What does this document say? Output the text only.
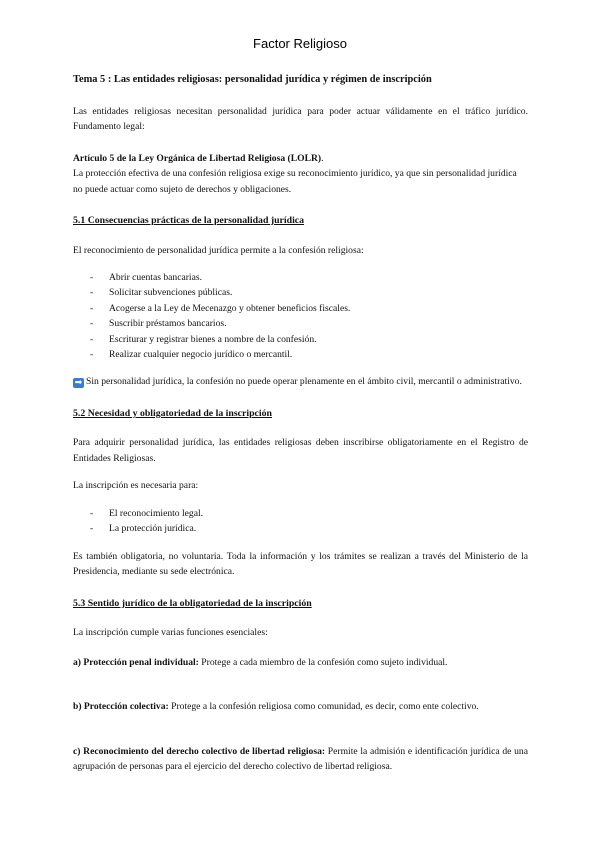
Factor Religioso

Tema 5 : Las entidades religiosas: personalidad jurídica y régimen de inscripción

Las entidades religiosas necesitan personalidad jurídica para poder actuar válidamente en el tráfico jurídico. Fundamento legal:

Artículo 5 de la Ley Orgánica de Libertad Religiosa (LOLR).

La protección efectiva de una confesión religiosa exige su reconocimiento jurídico, ya que sin personalidad jurídica no puede actuar como sujeto de derechos y obligaciones.

5.1 Consecuencias prácticas de la personalidad jurídica

El reconocimiento de personalidad jurídica permite a la confesión religiosa:

- Abrir cuentas bancarias.
- Solicitar subvenciones públicas.
- Acogerse a la Ley de Mecenazgo y obtener beneficios fiscales.
- Suscribir préstamos bancarios.
- Escriturar y registrar bienes a nombre de la confesión.
- Realizar cualquier negocio jurídico o mercantil.

➡ Sin personalidad jurídica, la confesión no puede operar plenamente en el ámbito civil, mercantil o administrativo.

5.2 Necesidad y obligatoriedad de la inscripción

Para adquirir personalidad jurídica, las entidades religiosas deben inscribirse obligatoriamente en el Registro de Entidades Religiosas.

La inscripción es necesaria para:

- El reconocimiento legal.
- La protección jurídica.

Es también obligatoria, no voluntaria. Toda la información y los trámites se realizan a través del Ministerio de la Presidencia, mediante su sede electrónica.

5.3 Sentido jurídico de la obligatoriedad de la inscripción

La inscripción cumple varias funciones esenciales:

a) Protección penal individual: Protege a cada miembro de la confesión como sujeto individual.

b) Protección colectiva: Protege a la confesión religiosa como comunidad, es decir, como ente colectivo.

c) Reconocimiento del derecho colectivo de libertad religiosa: Permite la admisión e identificación jurídica de una agrupación de personas para el ejercicio del derecho colectivo de libertad religiosa.
